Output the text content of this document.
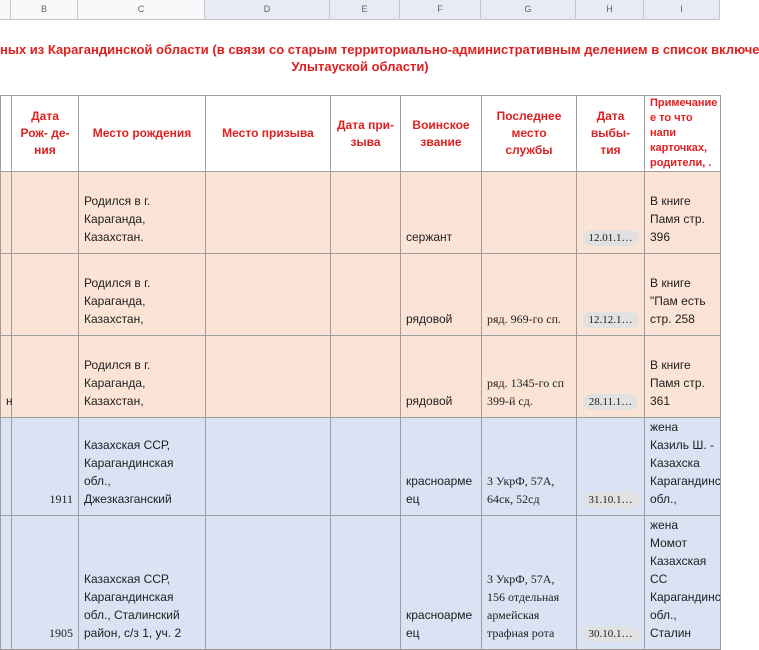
B	C	D	E	F	G	H	I
ных из Карагандинской области (в связи со старым территориально-административным делением в список включе
Улытауской области)
	Дата Рож- де- ния	Место рождения	Место призыва	Дата при- зыва	Воинское звание	Последнее место службы	Дата выбы- тия	Примечание е то что напи карточках, родители, .
		Родился в г. Караганда, Казахстан.			сержант		12.01.1…	В книге Памя стр. 396
		Родился в г. Караганда, Казахстан,			рядовой	ряд. 969-го сп.	12.12.1…	В книге "Пам есть стр. 258
н		Родился в г. Караганда, Казахстан,			рядовой	ряд. 1345-го сп 399-й сд.	28.11.1…	В книге Памя стр. 361
	1911	Казахская ССР, Карагандинская обл., Джезказганский			красноарме ец	3 УкрФ, 57А, 64ск, 52сд	31.10.1…	жена Казиль Ш. - Казахска Карагандинс обл.,
	1905	Казахская ССР, Карагандинская обл., Сталинский район, с/з 1, уч. 2			красноарме ец	3 УкрФ, 57А, 156 отдельная армейская трафная рота	30.10.1…	жена Момот Казахская СС Карагандинс обл., Сталин
